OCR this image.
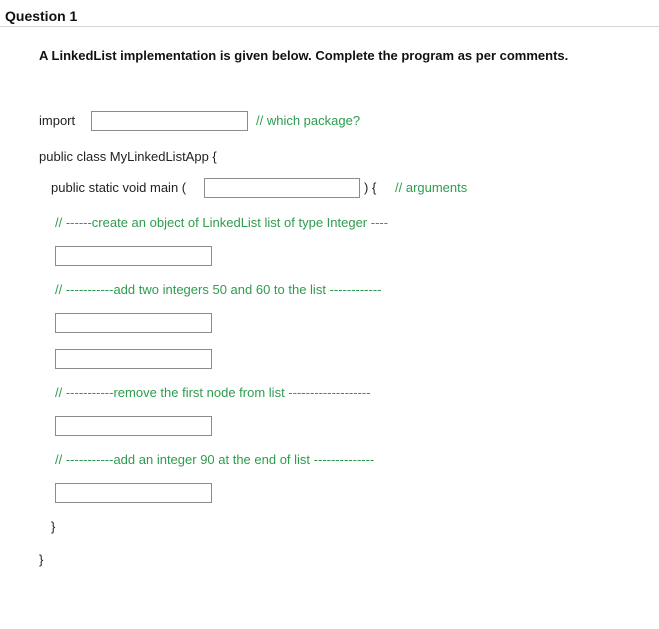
Question 1
A LinkedList implementation is given below. Complete the program as per comments.
import	// which package?
public class MyLinkedListApp {
public static void main (	) { // arguments
// ------create an object of LinkedList list of type Integer ----
// -----------add two integers 50 and 60 to the list ------------
// -----------remove the first node from list -------------------
// -----------add an integer 90 at the end of list --------------
}
}
